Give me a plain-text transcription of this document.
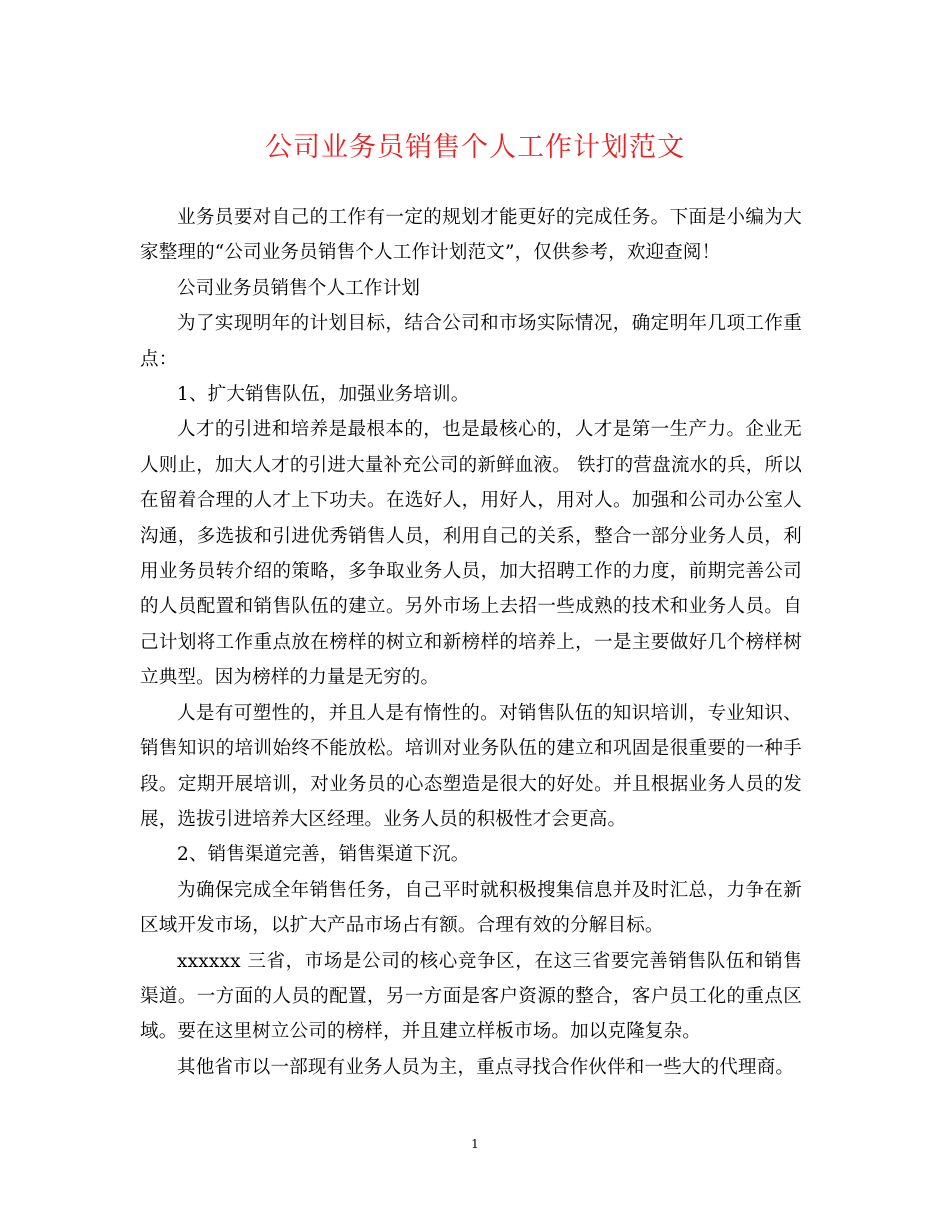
公司业务员销售个人工作计划范文

业务员要对自己的工作有一定的规划才能更好的完成任务。下面是小编为大家整理的“公司业务员销售个人工作计划范文”，仅供参考，欢迎查阅！

公司业务员销售个人工作计划

为了实现明年的计划目标，结合公司和市场实际情况，确定明年几项工作重点：

1、扩大销售队伍，加强业务培训。

人才的引进和培养是最根本的，也是最核心的，人才是第一生产力。企业无人则止，加大人才的引进大量补充公司的新鲜血液。 铁打的营盘流水的兵，所以在留着合理的人才上下功夫。在选好人，用好人，用对人。加强和公司办公室人沟通，多选拔和引进优秀销售人员，利用自己的关系，整合一部分业务人员，利用业务员转介绍的策略，多争取业务人员，加大招聘工作的力度，前期完善公司的人员配置和销售队伍的建立。另外市场上去招一些成熟的技术和业务人员。自己计划将工作重点放在榜样的树立和新榜样的培养上，一是主要做好几个榜样树立典型。因为榜样的力量是无穷的。

人是有可塑性的，并且人是有惰性的。对销售队伍的知识培训，专业知识、销售知识的培训始终不能放松。培训对业务队伍的建立和巩固是很重要的一种手段。定期开展培训，对业务员的心态塑造是很大的好处。并且根据业务人员的发展，选拔引进培养大区经理。业务人员的积极性才会更高。

2、销售渠道完善，销售渠道下沉。

为确保完成全年销售任务，自己平时就积极搜集信息并及时汇总，力争在新区域开发市场，以扩大产品市场占有额。合理有效的分解目标。

xxxxxx 三省，市场是公司的核心竞争区，在这三省要完善销售队伍和销售渠道。一方面的人员的配置，另一方面是客户资源的整合，客户员工化的重点区域。要在这里树立公司的榜样，并且建立样板市场。加以克隆复杂。

其他省市以一部现有业务人员为主，重点寻找合作伙伴和一些大的代理商。

1
